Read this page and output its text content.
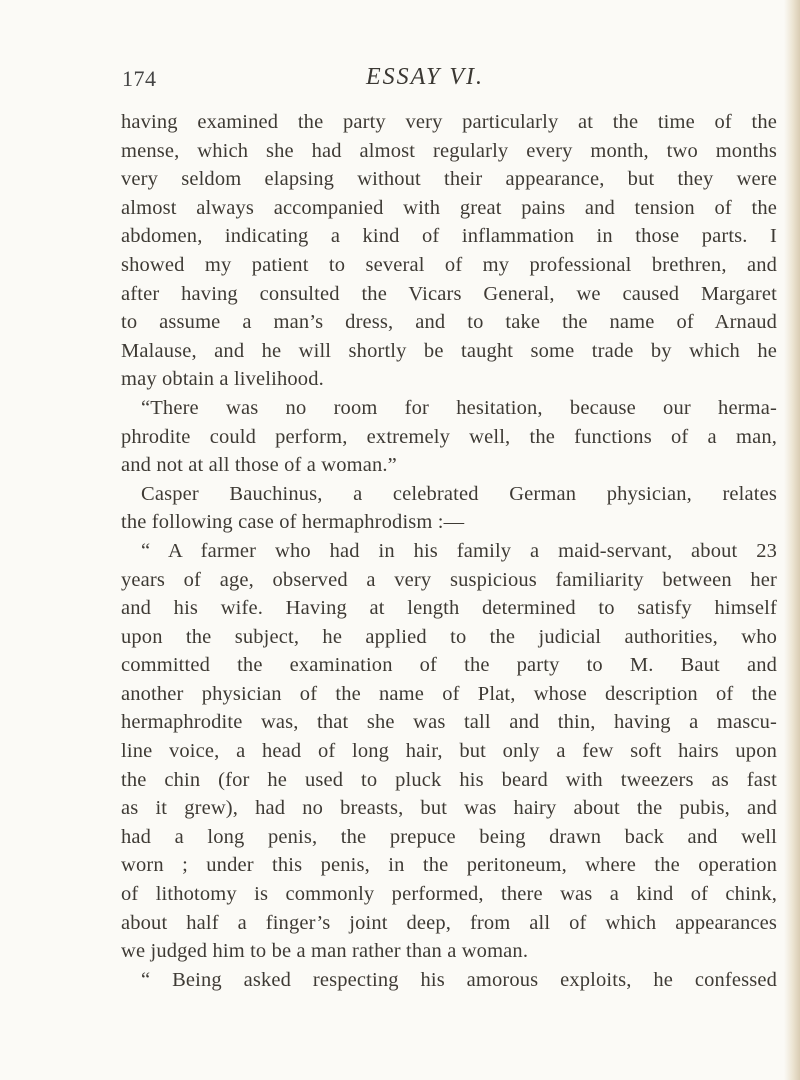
174	ESSAY VI.
having examined the party very particularly at the time of the
mense, which she had almost regularly every month, two months
very seldom elapsing without their appearance, but they were
almost always accompanied with great pains and tension of the
abdomen, indicating a kind of inflammation in those parts. I
showed my patient to several of my professional brethren, and
after having consulted the Vicars General, we caused Margaret
to assume a man’s dress, and to take the name of Arnaud
Malause, and he will shortly be taught some trade by which he
may obtain a livelihood.
“There was no room for hesitation, because our herma-
phrodite could perform, extremely well, the functions of a man,
and not at all those of a woman.”
Casper Bauchinus, a celebrated German physician, relates
the following case of hermaphrodism :—
“ A farmer who had in his family a maid-servant, about 23
years of age, observed a very suspicious familiarity between her
and his wife. Having at length determined to satisfy himself
upon the subject, he applied to the judicial authorities, who
committed the examination of the party to M. Baut and
another physician of the name of Plat, whose description of the
hermaphrodite was, that she was tall and thin, having a mascu-
line voice, a head of long hair, but only a few soft hairs upon
the chin (for he used to pluck his beard with tweezers as fast
as it grew), had no breasts, but was hairy about the pubis, and
had a long penis, the prepuce being drawn back and well
worn ; under this penis, in the peritoneum, where the operation
of lithotomy is commonly performed, there was a kind of chink,
about half a finger’s joint deep, from all of which appearances
we judged him to be a man rather than a woman.
“ Being asked respecting his amorous exploits, he confessed
